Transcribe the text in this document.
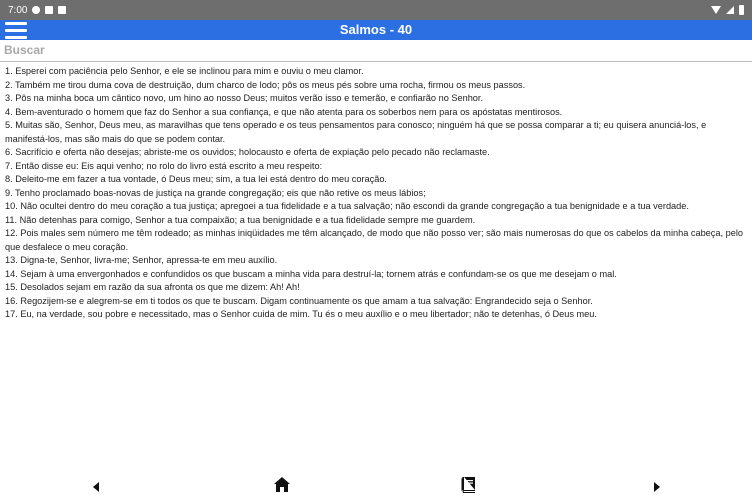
7:00
Salmos - 40
Buscar

1. Esperei com paciência pelo Senhor, e ele se inclinou para mim e ouviu o meu clamor.

2. Também me tirou duma cova de destruição, dum charco de lodo; pôs os meus pés sobre uma rocha, firmou os meus passos.

3. Pôs na minha boca um cântico novo, um hino ao nosso Deus; muitos verão isso e temerão, e confiarão no Senhor.

4. Bem-aventurado o homem que faz do Senhor a sua confiança, e que não atenta para os soberbos nem para os apóstatas mentirosos.

5. Muitas são, Senhor, Deus meu, as maravilhas que tens operado e os teus pensamentos para conosco; ninguém há que se possa comparar a ti; eu quisera anunciá-los, e manifestá-los, mas são mais do que se podem contar.

6. Sacrifício e oferta não desejas; abriste-me os ouvidos; holocausto e oferta de expiação pelo pecado não reclamaste.

7. Então disse eu: Eis aqui venho; no rolo do livro está escrito a meu respeito:

8. Deleito-me em fazer a tua vontade, ó Deus meu; sim, a tua lei está dentro do meu coração.

9. Tenho proclamado boas-novas de justiça na grande congregação; eis que não retive os meus lábios;

10. Não ocultei dentro do meu coração a tua justiça; apregoei a tua fidelidade e a tua salvação; não escondi da grande congregação a tua benignidade e a tua verdade.

11. Não detenhas para comigo, Senhor a tua compaixão; a tua benignidade e a tua fidelidade sempre me guardem.

12. Pois males sem número me têm rodeado; as minhas iniqüidades me têm alcançado, de modo que não posso ver; são mais numerosas do que os cabelos da minha cabeça, pelo que desfalece o meu coração.

13. Digna-te, Senhor, livra-me; Senhor, apressa-te em meu auxílio.

14. Sejam à uma envergonhados e confundidos os que buscam a minha vida para destruí-la; tornem atrás e confundam-se os que me desejam o mal.

15. Desolados sejam em razão da sua afronta os que me dizem: Ah! Ah!

16. Regozijem-se e alegrem-se em ti todos os que te buscam. Digam continuamente os que amam a tua salvação: Engrandecido seja o Senhor.

17. Eu, na verdade, sou pobre e necessitado, mas o Senhor cuida de mim. Tu és o meu auxílio e o meu libertador; não te detenhas, ó Deus meu.
